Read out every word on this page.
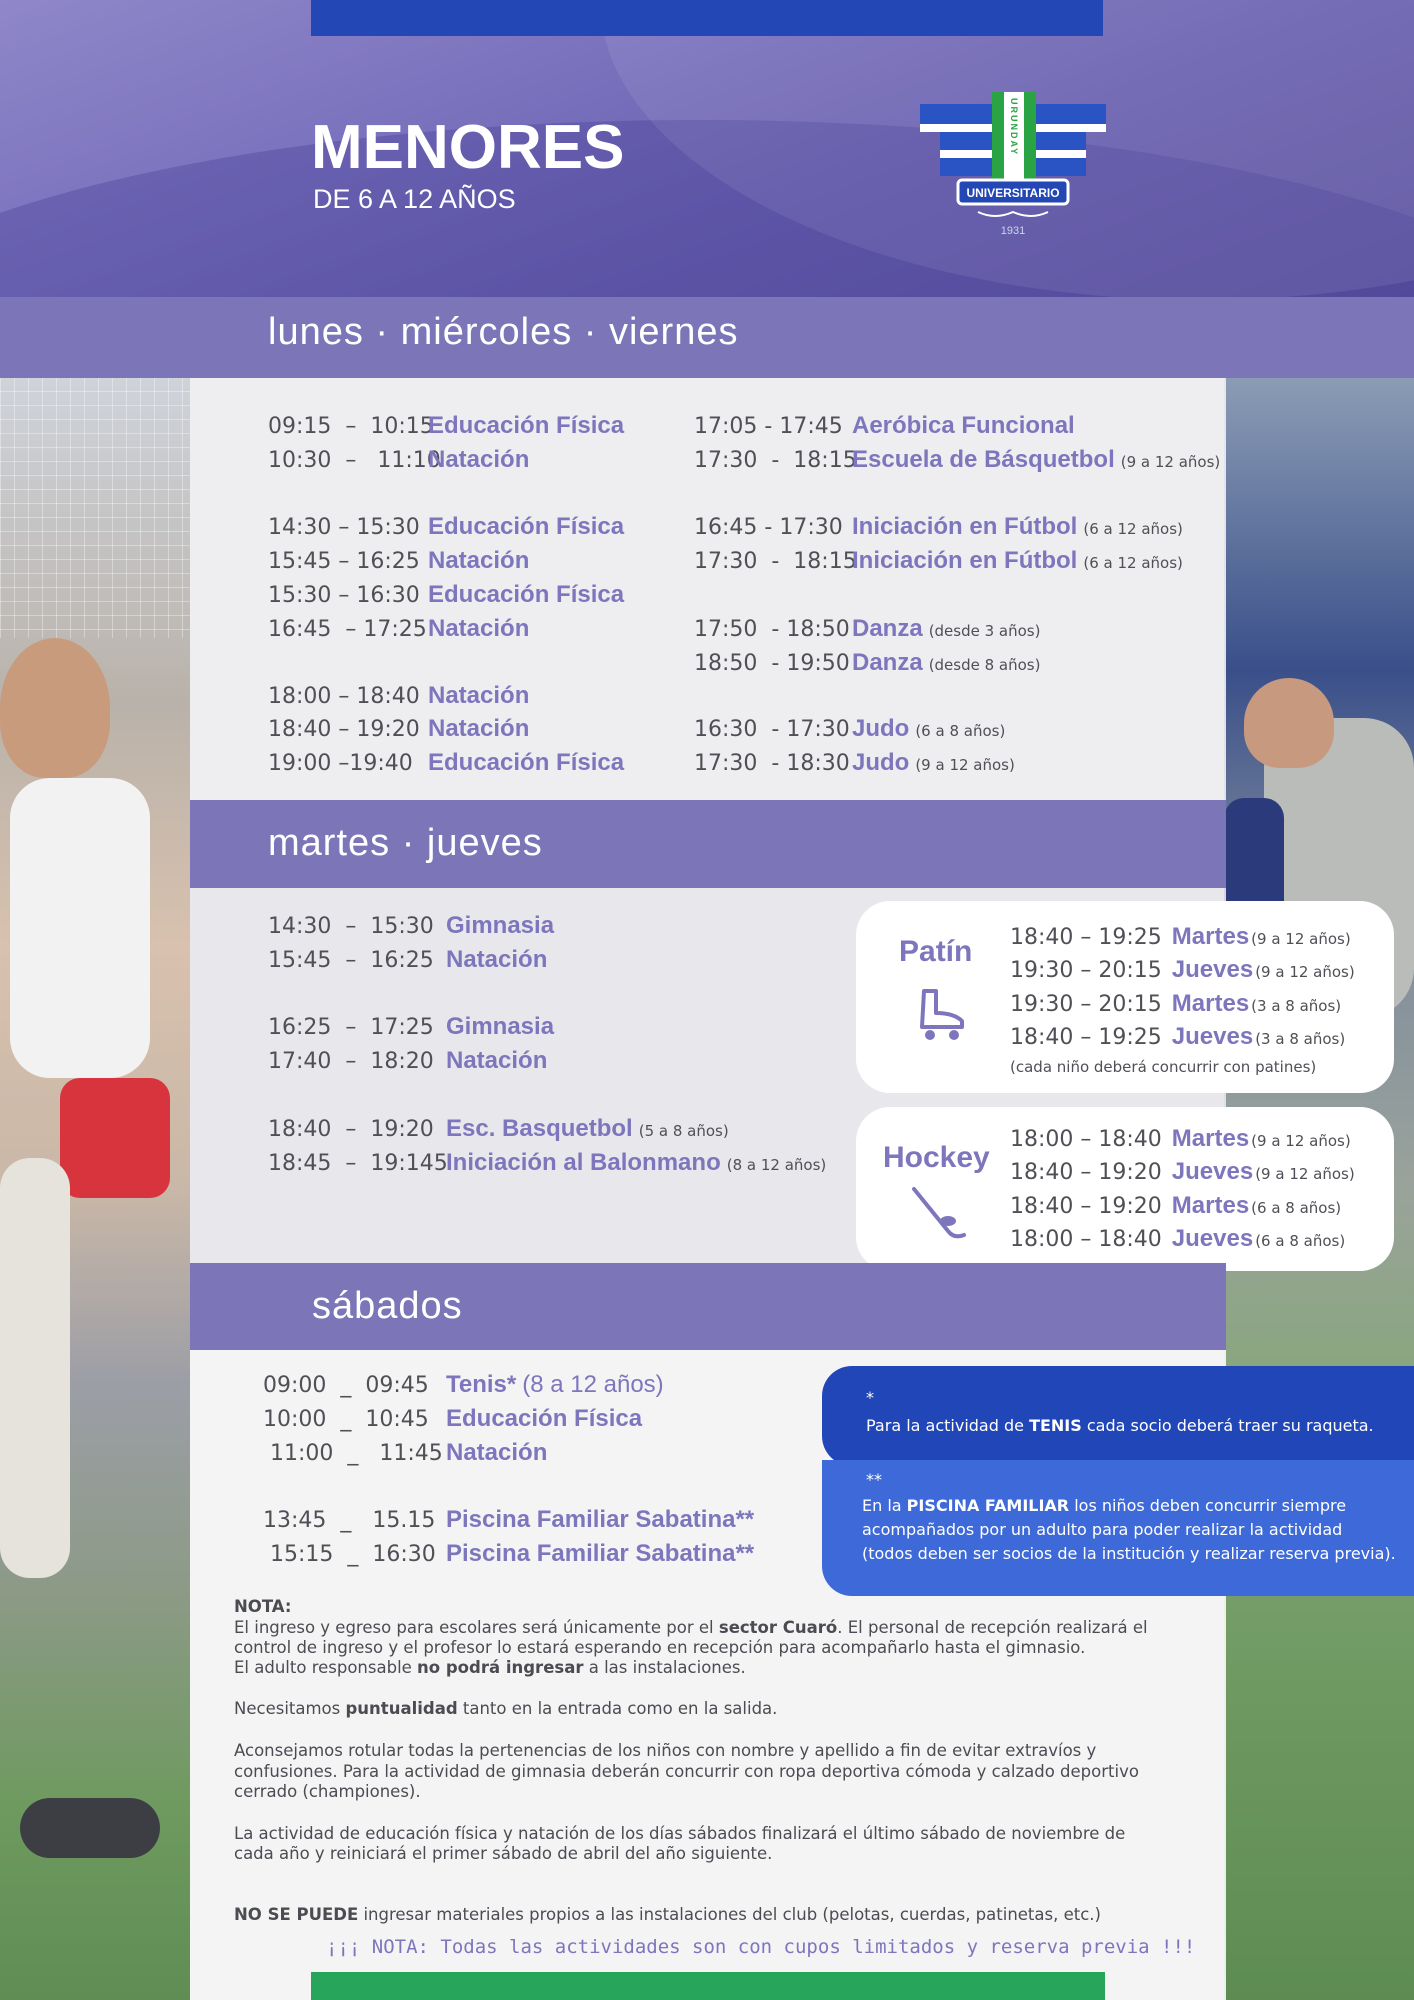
MENORES
DE 6 A 12 AÑOS
URUNDAY
UNIVERSITARIO
1931
lunes · miércoles · viernes
martes · jueves
Patín
(cada niño deberá concurrir con patines)
18:40 – 19:25 Martes (9 a 12 años)
19:30 – 20:15 Jueves (9 a 12 años)
19:30 – 20:15 Martes (3 a 8 años)
18:40 – 19:25 Jueves (3 a 8 años)
Hockey
18:00 – 18:40 Martes (9 a 12 años)
18:40 – 19:20 Jueves (9 a 12 años)
18:40 – 19:20 Martes (6 a 8 años)
18:00 – 18:40 Jueves (6 a 8 años)
sábados
*
Para la actividad de TENIS cada socio deberá traer su raqueta.
**
En la PISCINA FAMILIAR los niños deben concurrir siempre
acompañados por un adulto para poder realizar la actividad
(todos deben ser socios de la institución y realizar reserva previa).
NOTA:
El ingreso y egreso para escolares será únicamente por el sector Cuaró. El personal de recepción realizará el
control de ingreso y el profesor lo estará esperando en recepción para acompañarlo hasta el gimnasio.
El adulto responsable no podrá ingresar a las instalaciones.
Necesitamos puntualidad tanto en la entrada como en la salida.
Aconsejamos rotular todas la pertenencias de los niños con nombre y apellido a fin de evitar extravíos y
confusiones. Para la actividad de gimnasia deberán concurrir con ropa deportiva cómoda y calzado deportivo
cerrado (championes).
La actividad de educación física y natación de los días sábados finalizará el último sábado de noviembre de
cada año y reiniciará el primer sábado de abril del año siguiente.
NO SE PUEDE ingresar materiales propios a las instalaciones del club (pelotas, cuerdas, patinetas, etc.)
¡¡¡ NOTA: Todas las actividades son con cupos limitados y reserva previa !!!
09:15  –  10:15
Educación Física
10:30  –   11:10
Natación
14:30 – 15:30 Educación Física
15:45 – 16:25 Natación
15:30 – 16:30 Educación Física
16:45  – 17:25 Natación
18:00 – 18:40 Natación
18:40 – 19:20 Natación
19:00 –19:40 Educación Física
17:05 - 17:45 Aeróbica Funcional
17:30  -  18:15
Escuela de Básquetbol (9 a 12 años)
16:45 - 17:30 Iniciación en Fútbol (6 a 12 años)
17:30  -  18:15
Iniciación en Fútbol (6 a 12 años)
17:50  - 18:50 Danza (desde 3 años)
18:50  - 19:50 Danza (desde 8 años)
16:30  - 17:30 Judo (6 a 8 años)
17:30  - 18:30 Judo (9 a 12 años)
14:30  –  15:30 Gimnasia
15:45  –  16:25 Natación
16:25  –  17:25 Gimnasia
17:40  –  18:20 Natación
18:40  –  19:20 Esc. Basquetbol (5 a 8 años)
18:45  –  19:145
Iniciación al Balonmano (8 a 12 años)
09:00  _  09:45 Tenis* (8 a 12 años)
10:00  _  10:45 Educación Física
11:00  _   11:45 Natación
13:45  _   15.15 Piscina Familiar Sabatina**
15:15  _  16:30 Piscina Familiar Sabatina**
